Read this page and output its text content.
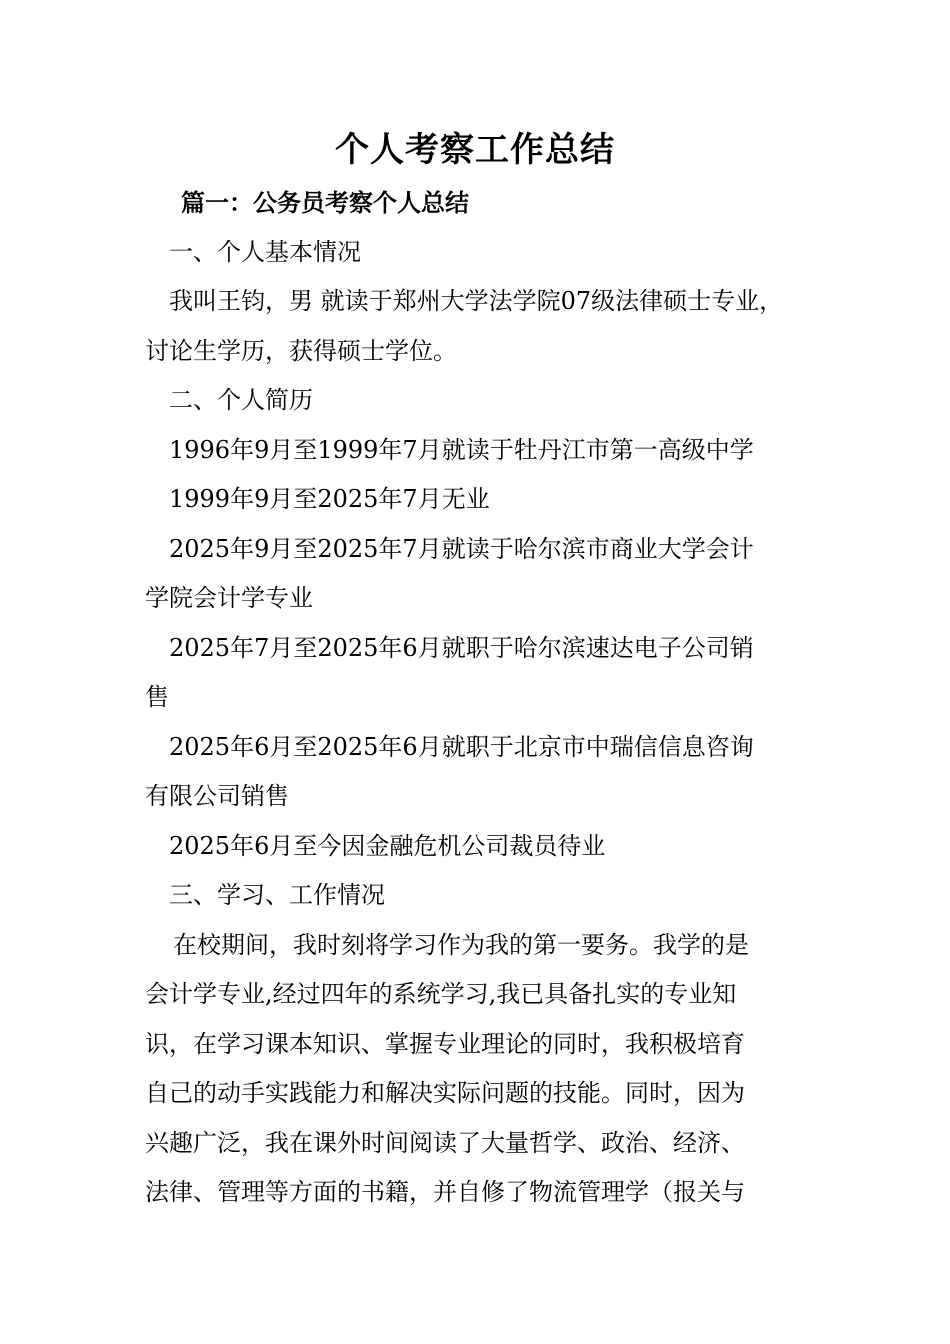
个人考察工作总结
篇一：公务员考察个人总结
一、个人基本情况
我叫王钧，男 就读于郑州大学法学院07级法律硕士专业，
讨论生学历，获得硕士学位。
二、个人简历
1996年9月至1999年7月就读于牡丹江市第一高级中学
1999年9月至2025年7月无业
2025年9月至2025年7月就读于哈尔滨市商业大学会计
学院会计学专业
2025年7月至2025年6月就职于哈尔滨速达电子公司销
售
2025年6月至2025年6月就职于北京市中瑞信信息咨询
有限公司销售
2025年6月至今因金融危机公司裁员待业
三、学习、工作情况
在校期间，我时刻将学习作为我的第一要务。我学的是
会计学专业,经过四年的系统学习,我已具备扎实的专业知
识，在学习课本知识、掌握专业理论的同时，我积极培育
自己的动手实践能力和解决实际问题的技能。同时，因为
兴趣广泛，我在课外时间阅读了大量哲学、政治、经济、
法律、管理等方面的书籍，并自修了物流管理学（报关与
